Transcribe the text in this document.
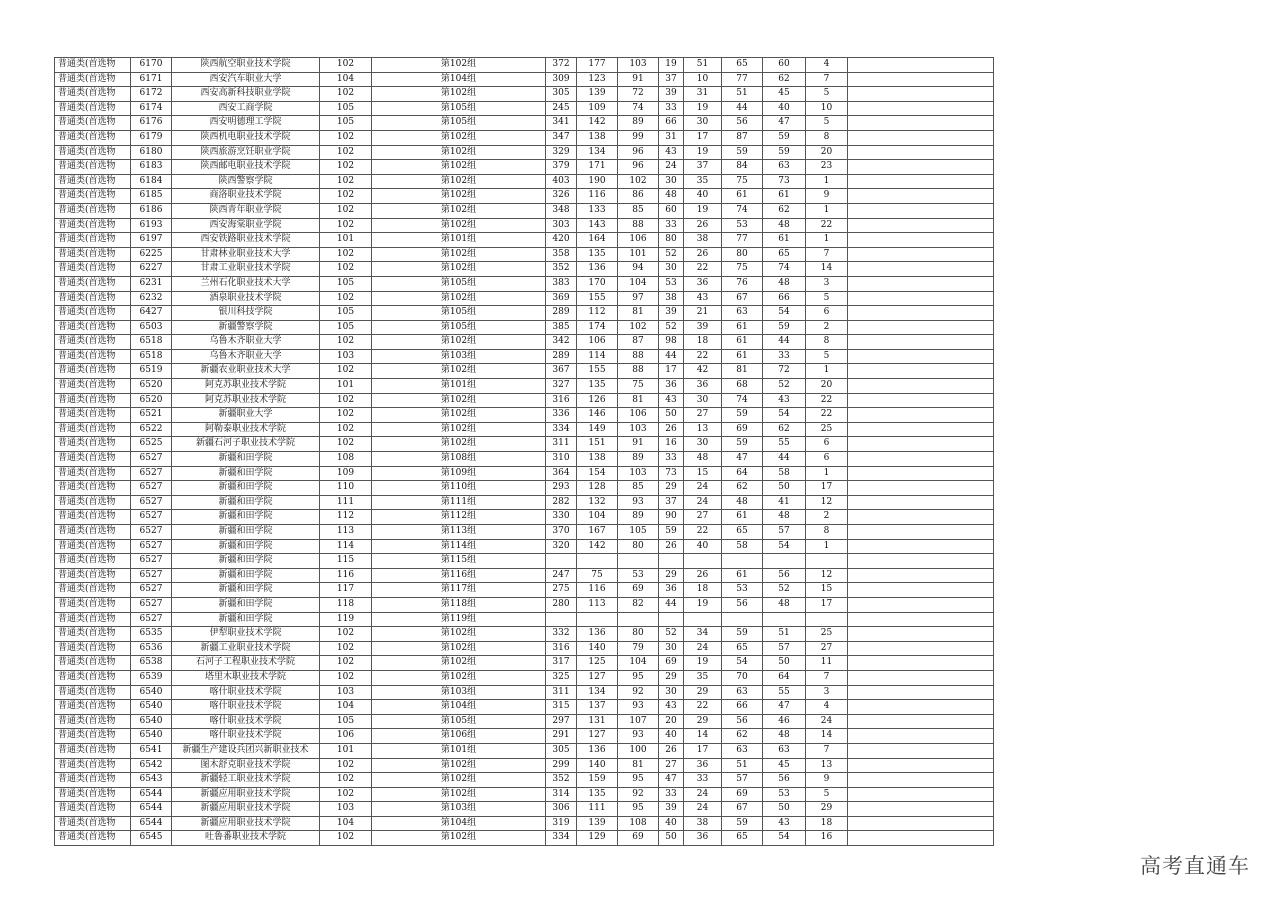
普通类(首选物	6170	陕西航空职业技术学院	102	第102组	372	177	103	19	51	65	60	4	
普通类(首选物	6171	西安汽车职业大学	104	第104组	309	123	91	37	10	77	62	7	
普通类(首选物	6172	西安高新科技职业学院	102	第102组	305	139	72	39	31	51	45	5	
普通类(首选物	6174	西安工商学院	105	第105组	245	109	74	33	19	44	40	10	
普通类(首选物	6176	西安明德理工学院	105	第105组	341	142	89	66	30	56	47	5	
普通类(首选物	6179	陕西机电职业技术学院	102	第102组	347	138	99	31	17	87	59	8	
普通类(首选物	6180	陕西旅游烹饪职业学院	102	第102组	329	134	96	43	19	59	59	20	
普通类(首选物	6183	陕西邮电职业技术学院	102	第102组	379	171	96	24	37	84	63	23	
普通类(首选物	6184	陕西警察学院	102	第102组	403	190	102	30	35	75	73	1	
普通类(首选物	6185	商洛职业技术学院	102	第102组	326	116	86	48	40	61	61	9	
普通类(首选物	6186	陕西青年职业学院	102	第102组	348	133	85	60	19	74	62	1	
普通类(首选物	6193	西安海棠职业学院	102	第102组	303	143	88	33	26	53	48	22	
普通类(首选物	6197	西安铁路职业技术学院	101	第101组	420	164	106	80	38	77	61	1	
普通类(首选物	6225	甘肃林业职业技术大学	102	第102组	358	135	101	52	26	80	65	7	
普通类(首选物	6227	甘肃工业职业技术学院	102	第102组	352	136	94	30	22	75	74	14	
普通类(首选物	6231	兰州石化职业技术大学	105	第105组	383	170	104	53	36	76	48	3	
普通类(首选物	6232	酒泉职业技术学院	102	第102组	369	155	97	38	43	67	66	5	
普通类(首选物	6427	银川科技学院	105	第105组	289	112	81	39	21	63	54	6	
普通类(首选物	6503	新疆警察学院	105	第105组	385	174	102	52	39	61	59	2	
普通类(首选物	6518	乌鲁木齐职业大学	102	第102组	342	106	87	98	18	61	44	8	
普通类(首选物	6518	乌鲁木齐职业大学	103	第103组	289	114	88	44	22	61	33	5	
普通类(首选物	6519	新疆农业职业技术大学	102	第102组	367	155	88	17	42	81	72	1	
普通类(首选物	6520	阿克苏职业技术学院	101	第101组	327	135	75	36	36	68	52	20	
普通类(首选物	6520	阿克苏职业技术学院	102	第102组	316	126	81	43	30	74	43	22	
普通类(首选物	6521	新疆职业大学	102	第102组	336	146	106	50	27	59	54	22	
普通类(首选物	6522	阿勒泰职业技术学院	102	第102组	334	149	103	26	13	69	62	25	
普通类(首选物	6525	新疆石河子职业技术学院	102	第102组	311	151	91	16	30	59	55	6	
普通类(首选物	6527	新疆和田学院	108	第108组	310	138	89	33	48	47	44	6	
普通类(首选物	6527	新疆和田学院	109	第109组	364	154	103	73	15	64	58	1	
普通类(首选物	6527	新疆和田学院	110	第110组	293	128	85	29	24	62	50	17	
普通类(首选物	6527	新疆和田学院	111	第111组	282	132	93	37	24	48	41	12	
普通类(首选物	6527	新疆和田学院	112	第112组	330	104	89	90	27	61	48	2	
普通类(首选物	6527	新疆和田学院	113	第113组	370	167	105	59	22	65	57	8	
普通类(首选物	6527	新疆和田学院	114	第114组	320	142	80	26	40	58	54	1	
普通类(首选物	6527	新疆和田学院	115	第115组									
普通类(首选物	6527	新疆和田学院	116	第116组	247	75	53	29	26	61	56	12	
普通类(首选物	6527	新疆和田学院	117	第117组	275	116	69	36	18	53	52	15	
普通类(首选物	6527	新疆和田学院	118	第118组	280	113	82	44	19	56	48	17	
普通类(首选物	6527	新疆和田学院	119	第119组									
普通类(首选物	6535	伊犁职业技术学院	102	第102组	332	136	80	52	34	59	51	25	
普通类(首选物	6536	新疆工业职业技术学院	102	第102组	316	140	79	30	24	65	57	27	
普通类(首选物	6538	石河子工程职业技术学院	102	第102组	317	125	104	69	19	54	50	11	
普通类(首选物	6539	塔里木职业技术学院	102	第102组	325	127	95	29	35	70	64	7	
普通类(首选物	6540	喀什职业技术学院	103	第103组	311	134	92	30	29	63	55	3	
普通类(首选物	6540	喀什职业技术学院	104	第104组	315	137	93	43	22	66	47	4	
普通类(首选物	6540	喀什职业技术学院	105	第105组	297	131	107	20	29	56	46	24	
普通类(首选物	6540	喀什职业技术学院	106	第106组	291	127	93	40	14	62	48	14	
普通类(首选物	6541	新疆生产建设兵团兴新职业技术	101	第101组	305	136	100	26	17	63	63	7	
普通类(首选物	6542	图木舒克职业技术学院	102	第102组	299	140	81	27	36	51	45	13	
普通类(首选物	6543	新疆轻工职业技术学院	102	第102组	352	159	95	47	33	57	56	9	
普通类(首选物	6544	新疆应用职业技术学院	102	第102组	314	135	92	33	24	69	53	5	
普通类(首选物	6544	新疆应用职业技术学院	103	第103组	306	111	95	39	24	67	50	29	
普通类(首选物	6544	新疆应用职业技术学院	104	第104组	319	139	108	40	38	59	43	18	
普通类(首选物	6545	吐鲁番职业技术学院	102	第102组	334	129	69	50	36	65	54	16	
高考直通车
